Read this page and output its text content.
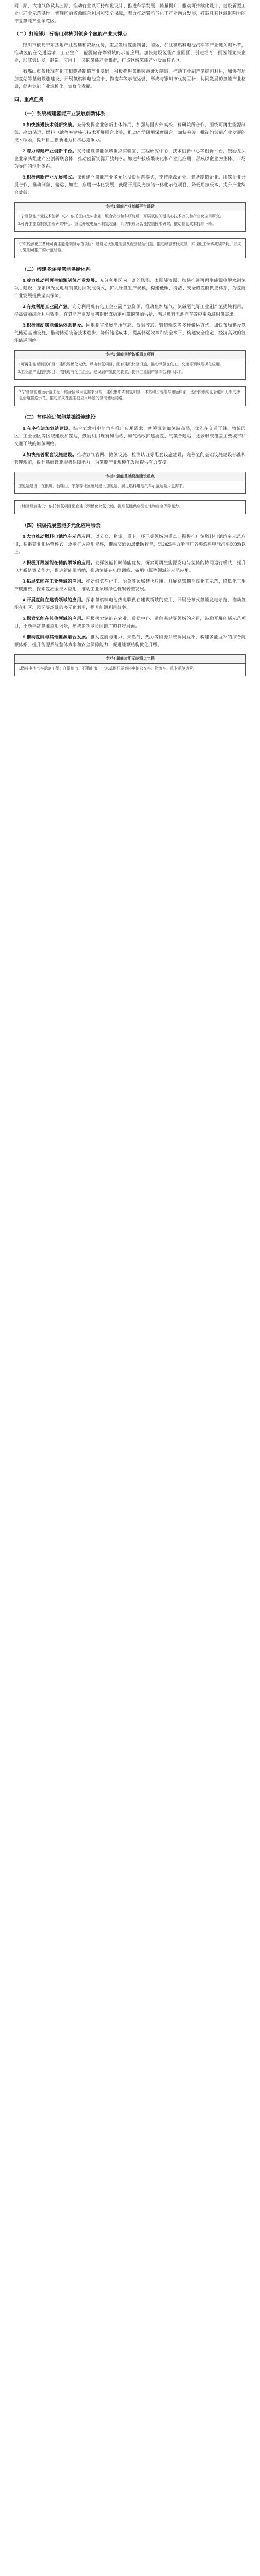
同二期、大地气体及其三期，推动行业以可持续化设计、推进科学发展、储量提升、推动可持续化设计，建设新型工业化产业示范基地，实现能源资源综合利用和安全保障，着力推动氢能与化工产业融合发展，打造具有区域影响力的宁夏氢能产业示范区。

（二）打造银川石嘴山双核引领多个氢能产业支撑点

银川市依托宁东基地产业基础和资源优势，重点发展氢能制备、储运、加注和燃料电池汽车等产业链关键环节，推动氢能在交通运输、工业生产、能源储存等领域的示范应用。加快建设氢能产业园区，引进培育一批氢能龙头企业，形成集研发、制造、应用于一体的氢能产业集群，打造区域氢能产业发展核心区。

石嘴山市依托现有化工和装备制造产业基础，积极推进氢能装备研发制造，推动工业副产氢提纯利用，加快布局加氢站等基础设施建设，开展氢燃料电池重卡、物流车等示范运营，形成与银川市优势互补、协同发展的氢能产业格局，促进氢能产业规模化、集群化发展。

四、重点任务
（一）系统构建氢能产业发展创新体系

1.加快推进技术创新突破。充分发挥企业创新主体作用，加强与国内外高校、科研院所合作，围绕可再生能源制氢、高效储运、燃料电池等关键核心技术开展联合攻关，推动产学研用深度融合，加快突破一批制约氢能产业发展的技术瓶颈，提升自主创新能力和核心竞争力。

2.着力构建产业创新平台。支持建设氢能领域重点实验室、工程研究中心、技术创新中心等创新平台，鼓励龙头企业牵头组建产业创新联合体，推动创新资源开放共享，加速科技成果转化和产业化应用，形成以企业为主体、市场为导向的创新体系。

3.积极创新产业发展模式。探索建立氢能产业多元化投资运营模式，支持能源企业、装备制造企业、用氢企业开展合作，推动制氢、储运、加注、应用一体化发展，鼓励开展风光氢储一体化示范项目，降低用氢成本，提升产业综合效益。

专栏1 氢能产业创新平台建设

1.宁夏氢能产业技术创新中心：依托区内龙头企业，联合高校和科研院所，开展氢能关键核心技术攻关和产业化应用研究。

2.可再生能源制氢工程研究中心：重点开展电解水制氢装备、系统集成及智能控制技术研究，推动制氢成本持续下降。

宁东能源化工基地可再生能源制氢示范项目：建设光伏发电制氢及配套储运设施，推动绿氢替代灰氢，实现化工领域减碳降耗，形成可复制可推广的示范经验。

（二）构建多途径氢能供给体系

1.着力推动可再生能源制氢产业发展。充分利用区内丰富的风能、太阳能资源，加快推进可再生能源电解水制氢项目建设，探索风光发电与制氢协同发展模式，扩大绿氢生产规模，构建低碳、清洁、安全的氢能供应体系，为氢能产业发展提供坚实保障。

2.有效利用工业副产氢。充分利用现有化工企业副产氢资源，推动焦炉煤气、氯碱尾气等工业副产氢提纯利用，提高资源综合利用效率，在氢能产业发展初期形成稳定可靠的氢源供给，满足燃料电池汽车等应用领域用氢需求。

3.积极推动氢能储运体系建设。因地制宜发展高压气态、低温液态、管道输氢等多种储运方式，加快布局建设氢气储运基础设施，推动储运装备技术进步，降低储运成本，提高储运效率和安全水平，构建安全稳定、经济高效的氢能储运网络。

专栏2 氢能供给体系重点项目

1.可再生能源制氢项目：建设规模化光伏、风电制氢项目，配套建设储氢设施，推动绿氢在化工、交通等领域规模化应用。

2.工业副产氢提纯项目：依托现有化工企业，建设副产氢提纯装置，提升工业副产氢综合利用水平。

2.宁夏氢能储运示范工程：结合区域用氢需求分布，建设集中式制氢加氢一体站和长管拖车储运体系，逐步探索纯氢管道和天然气掺氢管道输送示范，推动形成覆盖主要应用场景的氢气储运网络。

（三）有序推进氢能基础设施建设

1.有序推进加氢站建设。结合氢燃料电池汽车推广应用需求，统筹规划加氢站布局，优先在交通干线、物流园区、工业园区等区域建设加氢站，鼓励利用现有加油站、加气站改扩建油氢、气氢合建站，逐步形成覆盖主要城市和交通干线的加氢网络。

2.加快完善配套设施建设。推动氢气管网、储氢设施、检测认证等配套设施建设，完善氢能基础设施建设标准和管理规范，提升基础设施服务保障能力，为氢能产业规模化发展提供有力支撑。

专栏3 氢能基础设施建设重点

加氢站建设：在银川、石嘴山、宁东等地区布局建设加氢站，满足燃料电池汽车示范运营用氢需求。

1.储氢设施建设：依托制氢项目配套建设规模化储氢设施，提升氢能供应稳定性和应急保障能力。

（四）积极拓展氢能多元化应用场景

1.大力推动燃料电池汽车示范应用。以公交、物流、重卡、环卫等领域为重点，积极推广氢燃料电池汽车示范应用，探索商业化运营模式，逐步扩大应用规模，推动交通领域低碳转型，到2025年力争推广各类燃料电池汽车500辆以上。

2.积极开展氢能在储能领域的应用。发挥氢能长时储能优势，探索可再生能源发电与氢储能协同运行模式，提升电力系统调节能力，促进新能源消纳，推动氢能在电网调峰、备用电源等领域的示范应用。

3.拓展氢能在工业领域的应用。推动绿氢在化工、冶金等领域替代应用，开展绿氢耦合煤化工示范，降低化工生产碳排放，探索氢冶金技术应用，推动工业领域绿色低碳转型发展。

4.开展氢能在建筑领域的应用。探索氢燃料电池热电联供在建筑领域的应用，开展分布式氢能发电示范，推动氢能在社区、园区等场景的多元化利用，提升能源利用效率。

5.探索氢能在其他领域的应用。积极探索氢能在农业、数据中心、通信基站等领域的应用，鼓励开展创新示范项目，不断丰富氢能应用场景，形成多领域协同推广的良好局面。

6.推动氢能与其他能源融合发展。推动氢能与电力、天然气、热力等能源系统协同互补，构建多能互补的综合能源体系，提升能源系统整体效率和安全保障能力，促进能源结构优化升级。

专栏4 氢能应用示范重点工程

1.燃料电池汽车示范工程：在银川市、石嘴山市、宁东基地开展燃料电池公交车、物流车、重卡示范运营。
